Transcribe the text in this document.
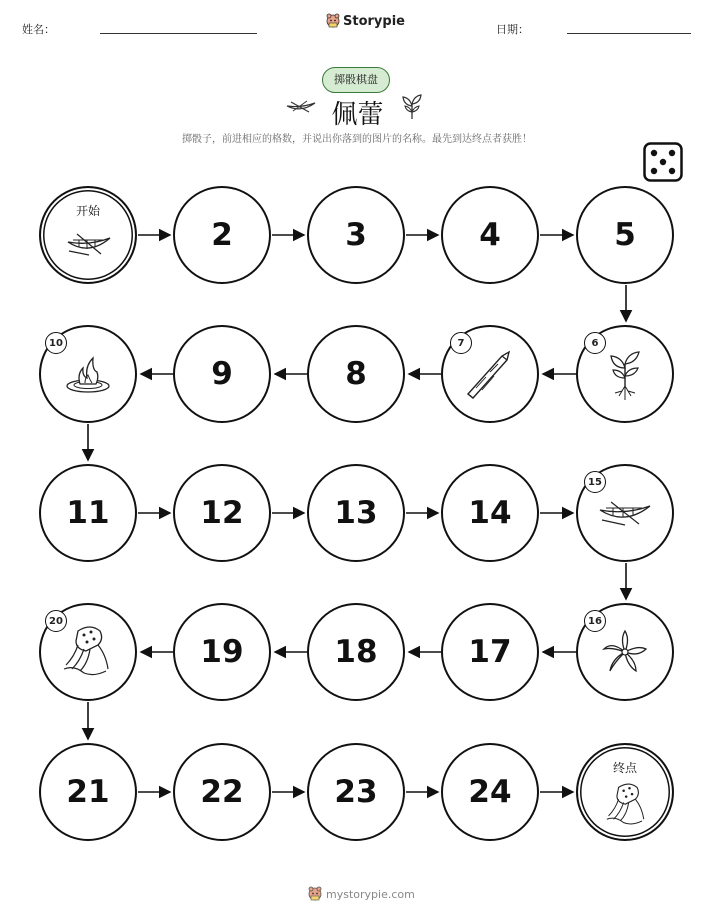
姓名：	日期：
Storypie
掷骰棋盘
佩蕾
掷骰子，前进相应的格数，并说出你落到的图片的名称。最先到达终点者获胜！
开始
2	3	4	5
10
9	8
7	6
11	12	13	14
15
20
19	18	17
16
21	22	23	24
终点
mystorypie.com
